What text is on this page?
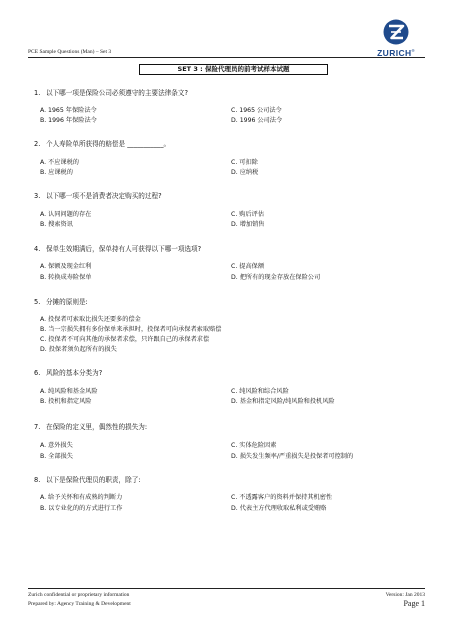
PCE Sample Questions (Man) – Set 3	ZURICH®
SET 3 : 保险代理员的前考试样本试题
1. 以下哪一项是保险公司必须遵守的主要法律条文?
A. 1965 年保险法令
B. 1996 年保险法令
C. 1965 公司法令
D. 1996 公司法令
2. 个人寿险单所获得的赔偿是 ___________。
A. 不应课税的
B. 应课税的
C. 可扣除
D. 应纳税
3. 以下哪一项不是消费者决定购买的过程?
A. 认同问题的存在
B. 搜索资讯
C. 购后评估
D. 增加销售
4. 保单生效期满后，保单持有人可获得以下哪一项选项?
A. 保额及现金红利
B. 转换成寿险保单
C. 提高保额
D. 把所有的现金存放在保险公司
5. 分摊的原则是:
A. 投保者可索取比损失还要多的偿金
B. 当一宗损失拥有多份保单来承担时，投保者可向承保者索取赔偿
C. 投保者不可向其他的承保者求偿，只许跟自己的承保者求偿
D. 投保者须负起所有的损失
6. 风险的基本分类为?
A. 纯风险和基金风险
B. 投机和指定风险
C. 纯风险和综合风险
D. 基金和指定风险/纯风险和投机风险
7. 在保险的定义里，偶然性的损失为:
A. 意外损失
B. 全部损失
C. 实体危险因素
D. 损失发生频率/严重损失是投保者可控制的
8. 以下是保险代理员的职责，除了:
A. 给予关怀和有成熟的判断力
B. 以专业化的的方式进行工作
C. 不透露客户的资料并保持其机密性
D. 代表主方代理收取私利或受贿赂
Zurich confidential or proprietary information
Prepared by: Agency Training & Development
Version: Jan 2013
Page 1
